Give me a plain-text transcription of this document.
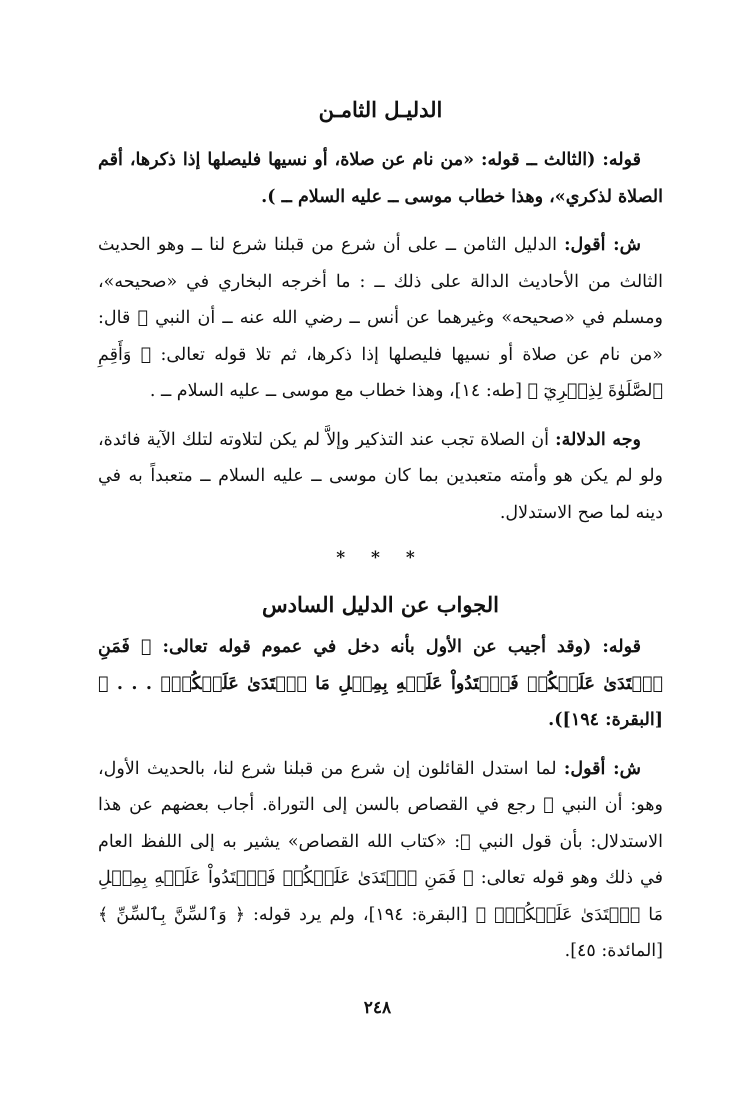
الدليـل الثامـن

قوله: (الثالث ــ قوله: «من نام عن صلاة، أو نسيها فليصلها إذا ذكرها، أقم الصلاة لذكري»، وهذا خطاب موسى ــ عليه السلام ــ ).

ش: أقول: الدليل الثامن ــ على أن شرع من قبلنا شرع لنا ــ وهو الحديث الثالث من الأحاديث الدالة على ذلك ــ : ما أخرجه البخاري في «صحيحه»، ومسلم في «صحيحه» وغيرهما عن أنس ــ رضي الله عنه ــ أن النبي ﷺ قال: «من نام عن صلاة أو نسيها فليصلها إذا ذكرها، ثم تلا قوله تعالى: ﴿ وَأَقِمِ ٱلصَّلَوٰةَ لِذِكۡرِيٓ ﴾ [طه: ١٤]، وهذا خطاب مع موسى ــ عليه السلام ــ .

وجه الدلالة: أن الصلاة تجب عند التذكير وإلاَّ لم يكن لتلاوته لتلك الآية فائدة، ولو لم يكن هو وأمته متعبدين بما كان موسى ــ عليه السلام ــ متعبداً به في دينه لما صح الاستدلال.

* * *
الجواب عن الدليل السادس

قوله: (وقد أجيب عن الأول بأنه دخل في عموم قوله تعالى: ﴿ فَمَنِ ٱعۡتَدَىٰ عَلَيۡكُمۡ فَٱعۡتَدُواْ عَلَيۡهِ بِمِثۡلِ مَا ٱعۡتَدَىٰ عَلَيۡكُمۡۚ . . . ﴾ [البقرة: ١٩٤]).

ش: أقول: لما استدل القائلون إن شرع من قبلنا شرع لنا، بالحديث الأول، وهو: أن النبي ﷺ رجع في القصاص بالسن إلى التوراة. أجاب بعضهم عن هذا الاستدلال: بأن قول النبي ﷺ: «كتاب الله القصاص» يشير به إلى اللفظ العام في ذلك وهو قوله تعالى: ﴿ فَمَنِ ٱعۡتَدَىٰ عَلَيۡكُمۡ فَٱعۡتَدُواْ عَلَيۡهِ بِمِثۡلِ مَا ٱعۡتَدَىٰ عَلَيۡكُمۡۚ ﴾ [البقرة: ١٩٤]، ولم يرد قوله: ﴿ وَٱلسِّنَّ بِٱلسِّنِّ ﴾ [المائدة: ٤٥].

٢٤٨
